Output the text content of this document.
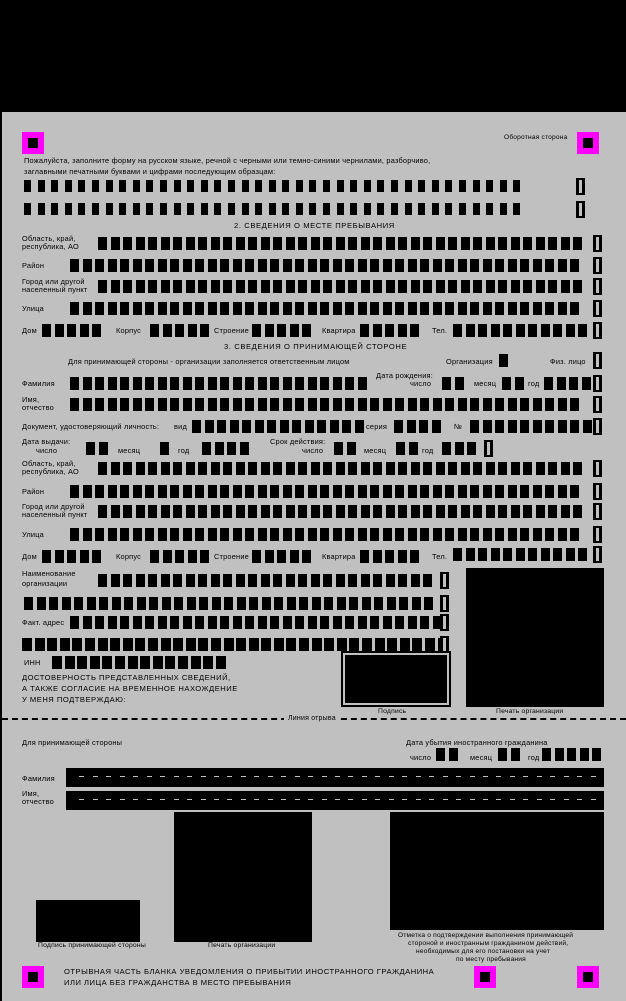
Оборотная сторона
Пожалуйста, заполните форму на русском языке, речной с черными или темно-синими чернилами, разборчиво,
заглавными печатными буквами и цифрами последующим образцам:
2. СВЕДЕНИЯ О МЕСТЕ ПРЕБЫВАНИЯ
Область, край,
республика, АО
Район
Город или другой
населенный пункт
Улица
Дом	Корпус	Строение	Квартира	Тел.
3. СВЕДЕНИЯ О ПРИНИМАЮЩЕЙ СТОРОНЕ
Для принимающей стороны - организации заполняется ответственным лицом	Организация	Физ. лицо
Фамилия
Дата рождения:
число	месяц	год
Имя,
отчество
Документ, удостоверяющий личность: вид	серия	№
Дата выдачи:
число	месяц	год
Срок действия:
число	месяц	год
Область, край,
республика, АО
Район
Город или другой
населенный пункт
Улица
Дом	Корпус	Строение	Квартира	Тел.
Наименование
организации
Факт. адрес
ИНН
ДОСТОВЕРНОСТЬ ПРЕДСТАВЛЕННЫХ СВЕДЕНИЙ,
А ТАКЖЕ СОГЛАСИЕ НА ВРЕМЕННОЕ НАХОЖДЕНИЕ
У МЕНЯ ПОДТВЕРЖДАЮ:
Подпись	Печать организации
Линия отрыва
Для принимающей стороны	Дата убытия иностранного гражданина
число	месяц	год
Фамилия
Имя,
отчество
Подпись принимающей стороны	Печать организации
Отметка о подтверждении выполнения принимающей
стороной и иностранным гражданином действий,
необходимых для его постановки на учет
по месту пребывания
ОТРЫВНАЯ ЧАСТЬ БЛАНКА УВЕДОМЛЕНИЯ О ПРИБЫТИИ ИНОСТРАННОГО ГРАЖДАНИНА
ИЛИ ЛИЦА БЕЗ ГРАЖДАНСТВА В МЕСТО ПРЕБЫВАНИЯ
